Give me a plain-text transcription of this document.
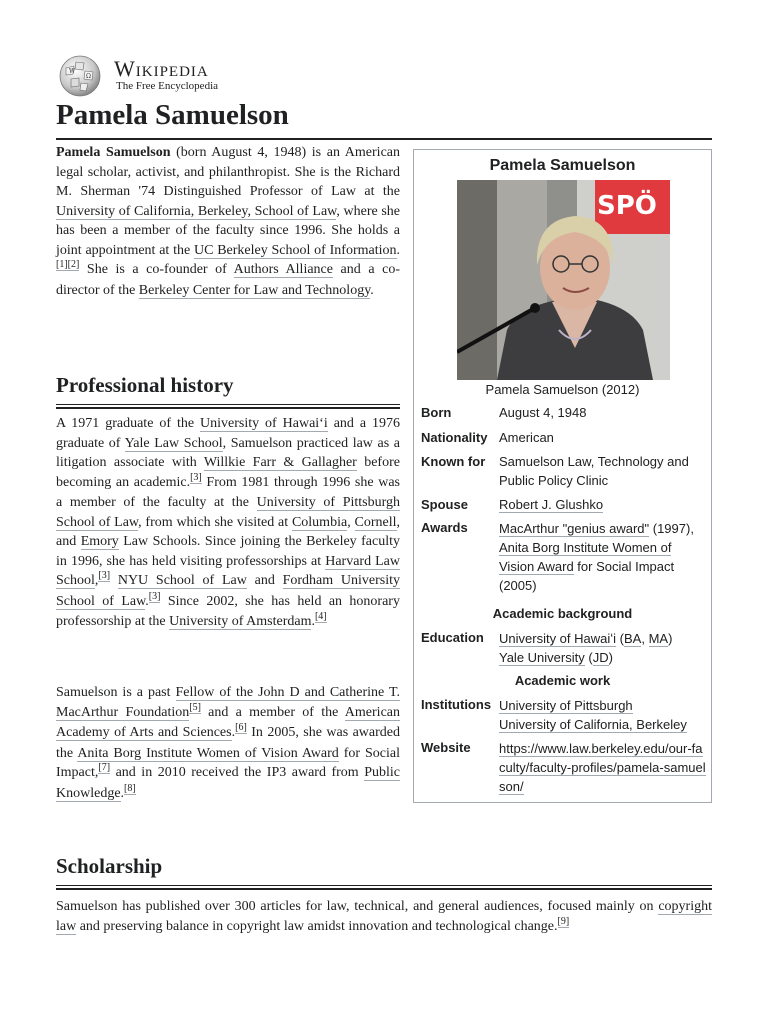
W
Ω Wikipedia
The Free Encyclopedia
Pamela Samuelson

Pamela Samuelson (born August 4, 1948) is an American legal scholar, activist, and philanthropist. She is the Richard M. Sherman '74 Distinguished Professor of Law at the University of California, Berkeley, School of Law, where she has been a member of the faculty since 1996. She holds a joint appointment at the UC Berkeley School of Information.[1][2] She is a co-founder of Authors Alliance and a co-director of the Berkeley Center for Law and Technology.

Professional history

A 1971 graduate of the University of Hawaiʻi and a 1976 graduate of Yale Law School, Samuelson practiced law as a litigation associate with Willkie Farr & Gallagher before becoming an academic.[3] From 1981 through 1996 she was a member of the faculty at the University of Pittsburgh School of Law, from which she visited at Columbia, Cornell, and Emory Law Schools. Since joining the Berkeley faculty in 1996, she has held visiting professorships at Harvard Law School,[3] NYU School of Law and Fordham University School of Law.[3] Since 2002, she has held an honorary professorship at the University of Amsterdam.[4]

Samuelson is a past Fellow of the John D and Catherine T. MacArthur Foundation[5] and a member of the American Academy of Arts and Sciences.[6] In 2005, she was awarded the Anita Borg Institute Women of Vision Award for Social Impact,[7] and in 2010 received the IP3 award from Public Knowledge.[8]

Scholarship

Samuelson has published over 300 articles for law, technical, and general audiences, focused mainly on copyright law and preserving balance in copyright law amidst innovation and technological change.[9]

Pamela Samuelson
SPÖ
Pamela Samuelson (2012)
Born	August 4, 1948
Nationality American
Known for Samuelson Law, Technology and Public Policy Clinic
Spouse Robert J. Glushko
Awards MacArthur "genius award" (1997), Anita Borg Institute Women of Vision Award for Social Impact (2005)
Academic background
Education University of Hawaiʻi (BA, MA)
Yale University (JD)
Academic work
Institutions University of Pittsburgh
University of California, Berkeley
Website https://www.law.berkeley.edu/our-faculty/faculty-profiles/pamela-samuelson/
